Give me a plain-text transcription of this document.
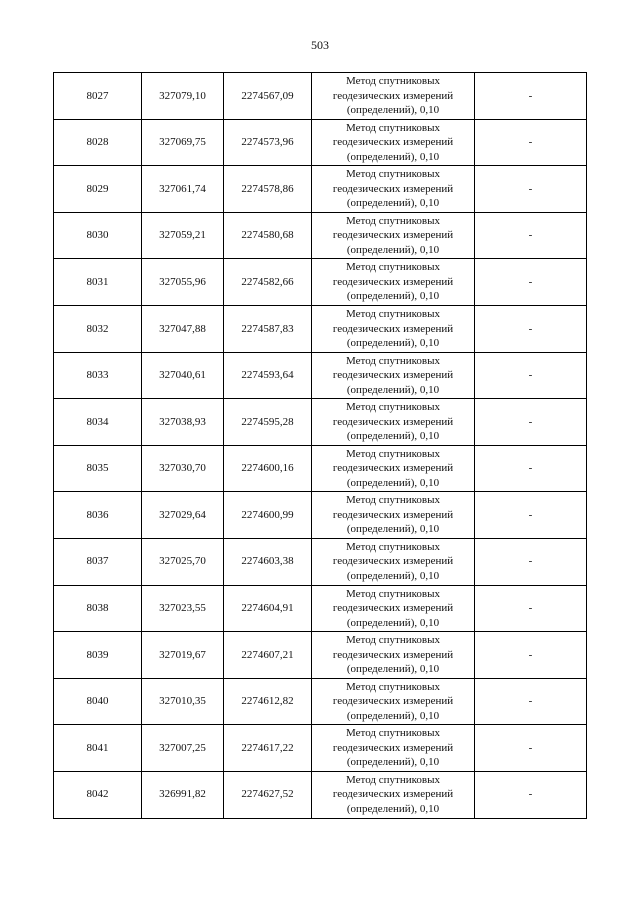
503
8027	327079,10	2274567,09	Метод спутниковых
геодезических измерений
(определений), 0,10	-
8028	327069,75	2274573,96	Метод спутниковых
геодезических измерений
(определений), 0,10	-
8029	327061,74	2274578,86	Метод спутниковых
геодезических измерений
(определений), 0,10	-
8030	327059,21	2274580,68	Метод спутниковых
геодезических измерений
(определений), 0,10	-
8031	327055,96	2274582,66	Метод спутниковых
геодезических измерений
(определений), 0,10	-
8032	327047,88	2274587,83	Метод спутниковых
геодезических измерений
(определений), 0,10	-
8033	327040,61	2274593,64	Метод спутниковых
геодезических измерений
(определений), 0,10	-
8034	327038,93	2274595,28	Метод спутниковых
геодезических измерений
(определений), 0,10	-
8035	327030,70	2274600,16	Метод спутниковых
геодезических измерений
(определений), 0,10	-
8036	327029,64	2274600,99	Метод спутниковых
геодезических измерений
(определений), 0,10	-
8037	327025,70	2274603,38	Метод спутниковых
геодезических измерений
(определений), 0,10	-
8038	327023,55	2274604,91	Метод спутниковых
геодезических измерений
(определений), 0,10	-
8039	327019,67	2274607,21	Метод спутниковых
геодезических измерений
(определений), 0,10	-
8040	327010,35	2274612,82	Метод спутниковых
геодезических измерений
(определений), 0,10	-
8041	327007,25	2274617,22	Метод спутниковых
геодезических измерений
(определений), 0,10	-
8042	326991,82	2274627,52	Метод спутниковых
геодезических измерений
(определений), 0,10	-
